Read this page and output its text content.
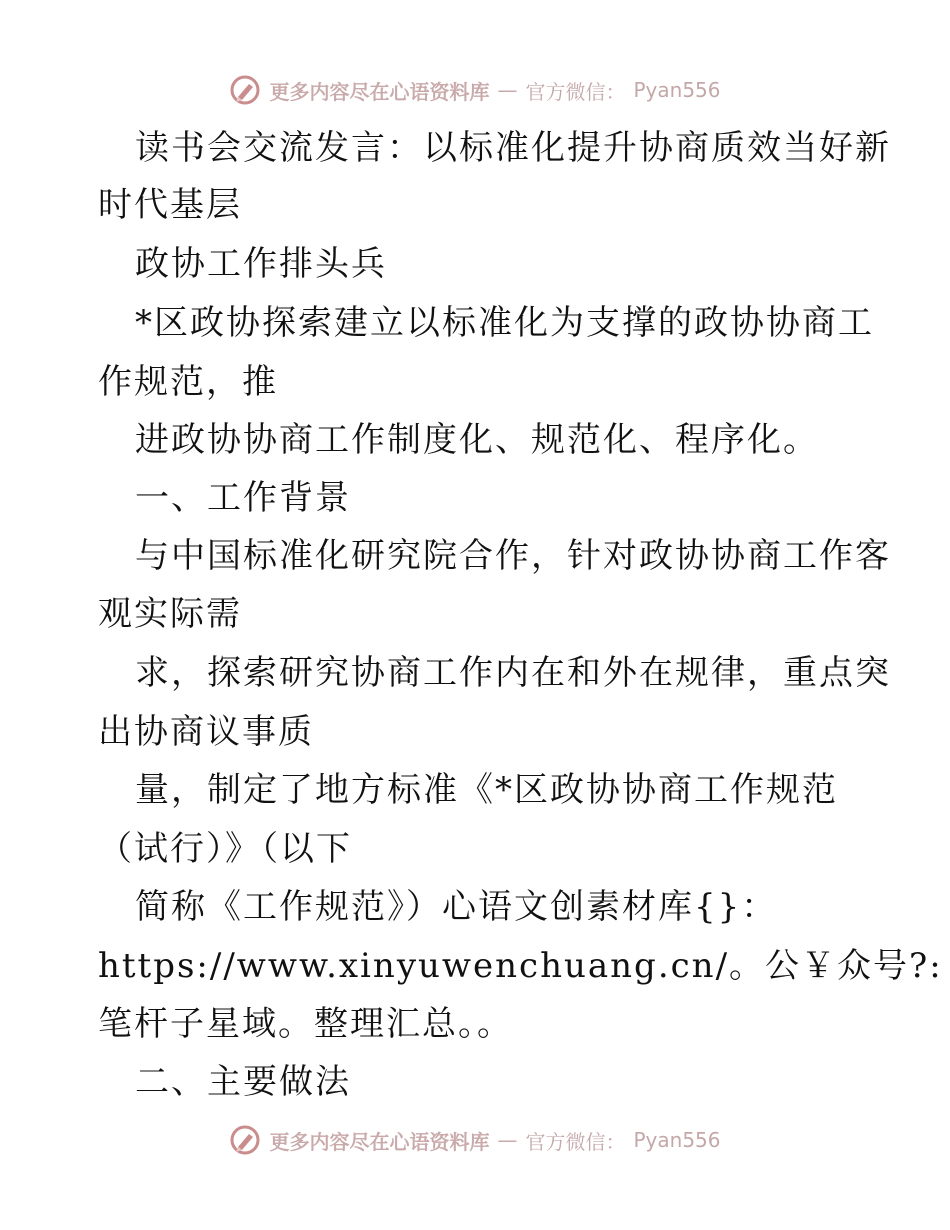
更多内容尽在心语资料库 — 官方微信： Pyan556
读书会交流发言：以标准化提升协商质效当好新
时代基层
政协工作排头兵
*区政协探索建立以标准化为支撑的政协协商工
作规范，推
进政协协商工作制度化、规范化、程序化。
一、工作背景
与中国标准化研究院合作，针对政协协商工作客
观实际需
求，探索研究协商工作内在和外在规律，重点突
出协商议事质
量，制定了地方标准《*区政协协商工作规范
（试行）》（以下
简称《工作规范》）心语文创素材库{}：
https://www.xinyuwenchuang.cn/。公￥众号?:
笔杆子星域。整理汇总。。
二、主要做法
更多内容尽在心语资料库 — 官方微信： Pyan556
